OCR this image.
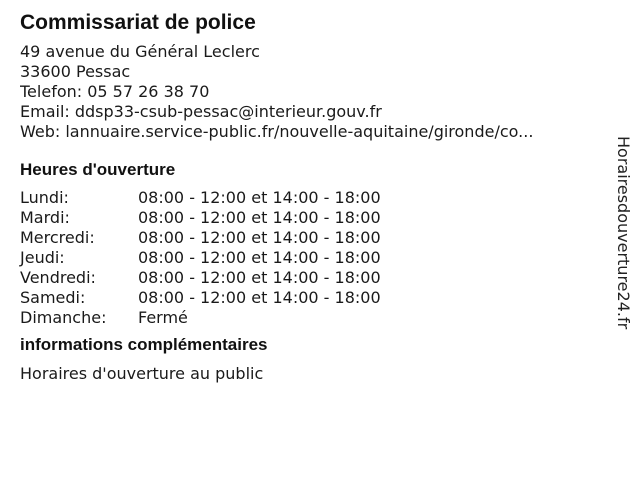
Commissariat de police
49 avenue du Général Leclerc
33600 Pessac
Telefon: 05 57 26 38 70
Email: ddsp33-csub-pessac@interieur.gouv.fr
Web: lannuaire.service-public.fr/nouvelle-aquitaine/gironde/co...
Heures d'ouverture
Lundi:	08:00 - 12:00 et 14:00 - 18:00
Mardi:	08:00 - 12:00 et 14:00 - 18:00
Mercredi:	08:00 - 12:00 et 14:00 - 18:00
Jeudi:	08:00 - 12:00 et 14:00 - 18:00
Vendredi:	08:00 - 12:00 et 14:00 - 18:00
Samedi:	08:00 - 12:00 et 14:00 - 18:00
Dimanche:	Fermé
informations complémentaires
Horaires d'ouverture au public
Horairesdouverture24.fr
